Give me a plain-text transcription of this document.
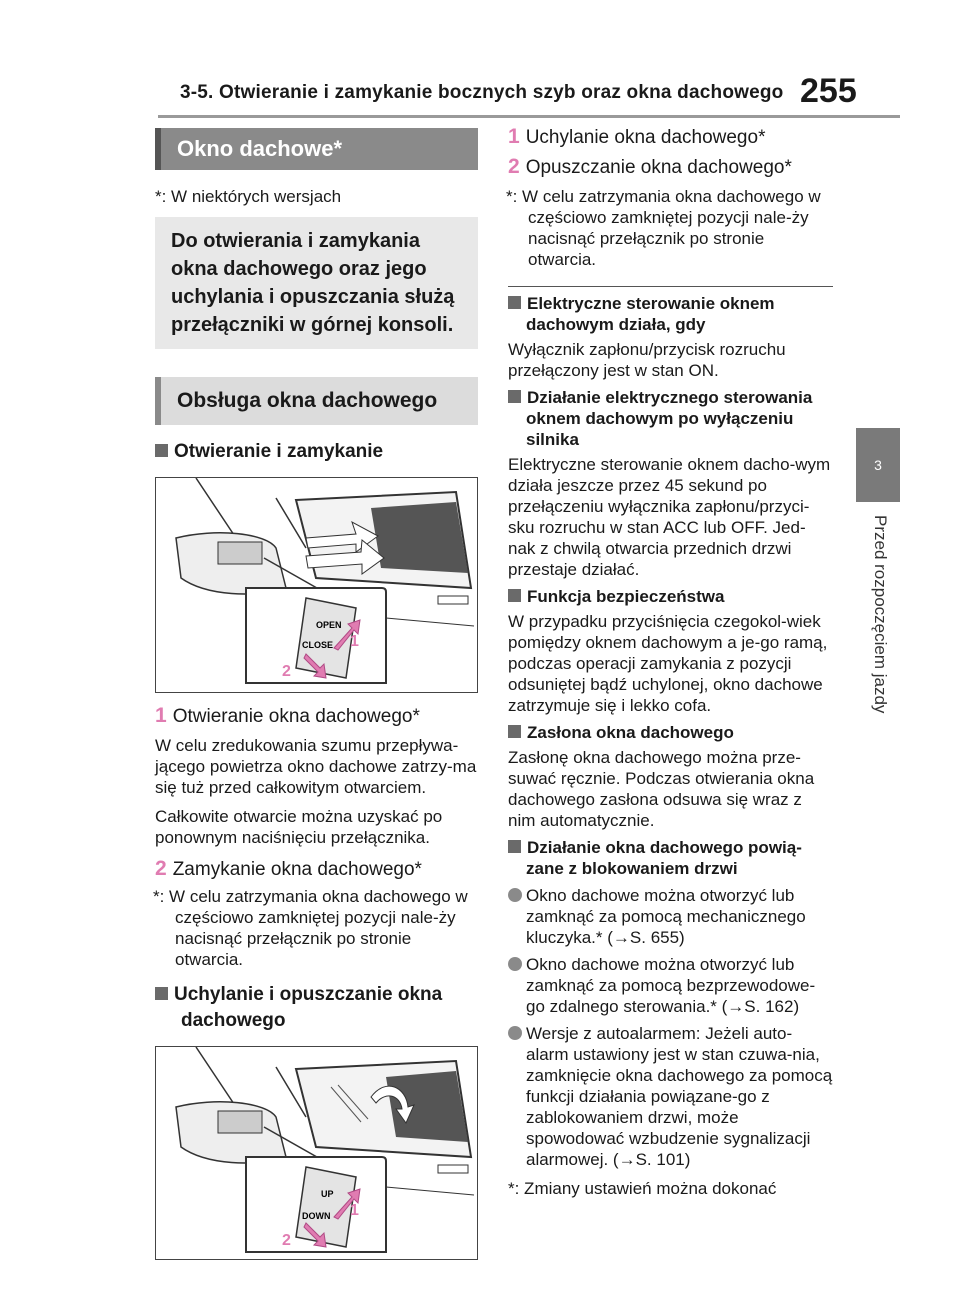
3-5. Otwieranie i zamykanie bocznych szyb oraz okna dachowego 255
3
Przed rozpoczęciem jazdy
Okno dachowe*
*: W niektórych wersjach
Do otwierania i zamykania okna dachowego oraz jego uchylania i opuszczania służą przełączniki w górnej konsoli.
Obsługa okna dachowego
Otwieranie i zamykanie
OPEN
CLOSE 1
2
1 Otwieranie okna dachowego*
W celu zredukowania szumu przepływa-jącego powietrza okno dachowe zatrzy-ma się tuż przed całkowitym otwarciem.
Całkowite otwarcie można uzyskać po ponownym naciśnięciu przełącznika.
2 Zamykanie okna dachowego*
*: W celu zatrzymania okna dachowego w częściowo zamkniętej pozycji nale-ży nacisnąć przełącznik po stronie otwarcia.
Uchylanie i opuszczanie okna dachowego
UP
DOWN 1
2
1 Uchylanie okna dachowego*
2 Opuszczanie okna dachowego*
*: W celu zatrzymania okna dachowego w częściowo zamkniętej pozycji nale-ży nacisnąć przełącznik po stronie otwarcia.
Elektryczne sterowanie oknem dachowym działa, gdy
Wyłącznik zapłonu/przycisk rozruchu przełączony jest w stan ON.
Działanie elektrycznego sterowania oknem dachowym po wyłączeniu silnika
Elektryczne sterowanie oknem dacho-wym działa jeszcze przez 45 sekund po przełączeniu wyłącznika zapłonu/przyci-sku rozruchu w stan ACC lub OFF. Jed-nak z chwilą otwarcia przednich drzwi przestaje działać.
Funkcja bezpieczeństwa
W przypadku przyciśnięcia czegokol-wiek pomiędzy oknem dachowym a je-go ramą, podczas operacji zamykania z pozycji odsuniętej bądź uchylonej, okno dachowe zatrzymuje się i lekko cofa.
Zasłona okna dachowego
Zasłonę okna dachowego można prze-suwać ręcznie. Podczas otwierania okna dachowego zasłona odsuwa się wraz z nim automatycznie.
Działanie okna dachowego powią-zane z blokowaniem drzwi
Okno dachowe można otworzyć lub zamknąć za pomocą mechanicznego kluczyka.* (→S. 655)
Okno dachowe można otworzyć lub zamknąć za pomocą bezprzewodowe-go zdalnego sterowania.* (→S. 162)
Wersje z autoalarmem: Jeżeli auto-alarm ustawiony jest w stan czuwa-nia, zamknięcie okna dachowego za pomocą funkcji działania powiązane-go z zablokowaniem drzwi, może spowodować wzbudzenie sygnalizacji alarmowej. (→S. 101)
*: Zmiany ustawień można dokonać
